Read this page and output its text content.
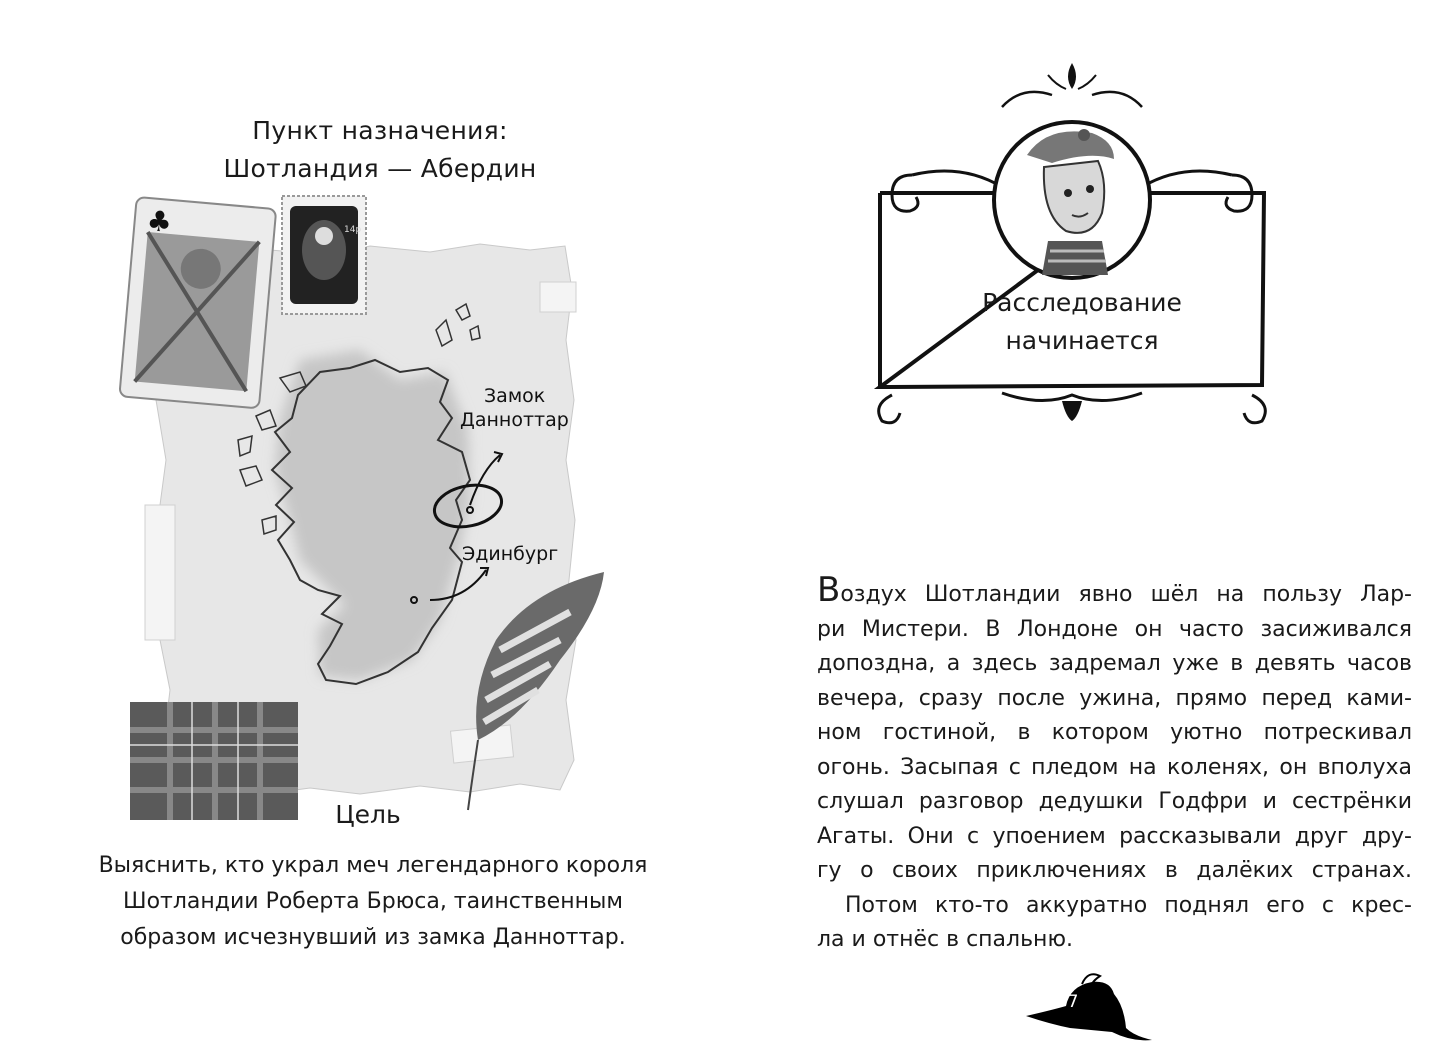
Пункт назначения:
Шотландия — Абердин
Замок
Данноттар
Эдинбург
♣	14p
Цель
Выяснить, кто украл меч легендарного короля
Шотландии Роберта Брюса, таинственным
образом исчезнувший из замка Данноттар.
Расследование
начинается
Воздух Шотландии явно шёл на пользу Лар-
ри Мистери. В Лондоне он часто засиживался
допоздна, а здесь задремал уже в девять часов
вечера, сразу после ужина, прямо перед ками-
ном гостиной, в котором уютно потрескивал
огонь. Засыпая с пледом на коленях, он вполуха
слушал разговор дедушки Годфри и сестрёнки
Агаты. Они с упоением рассказывали друг дру-
гу о своих приключениях в далёких странах.
Потом кто-то аккуратно поднял его с крес-
ла и отнёс в спальню.
7
